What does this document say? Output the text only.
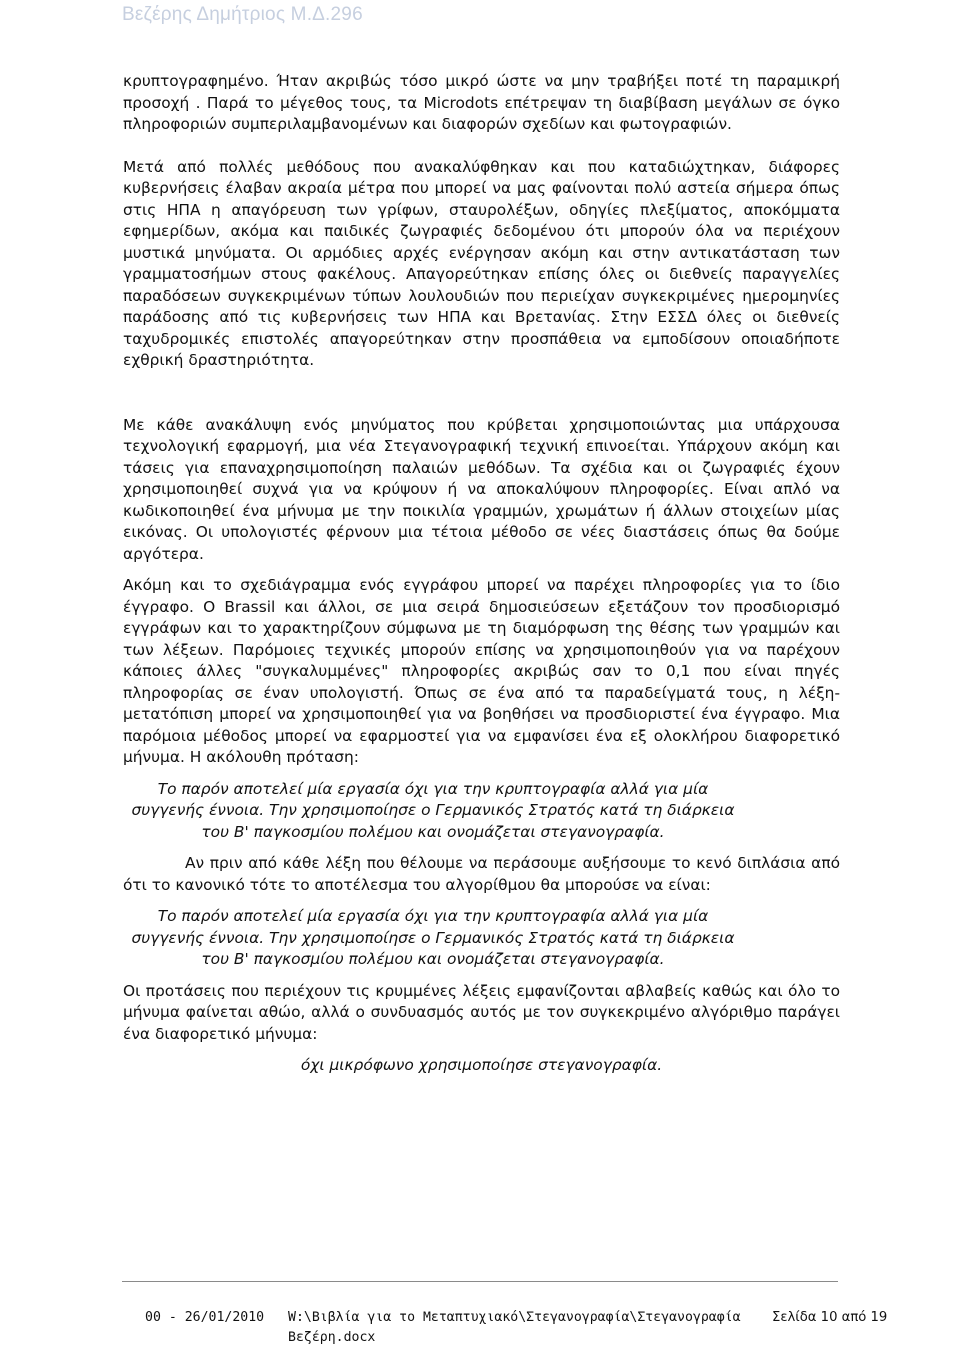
Βεζέρης Δημήτριος Μ.Δ.296

κρυπτογραφημένο. Ήταν ακριβώς τόσο μικρό ώστε να μην τραβήξει ποτέ τη παραμικρή προσοχή . Παρά το μέγεθος τους, τα Microdots επέτρεψαν τη διαβίβαση μεγάλων σε όγκο πληροφοριών συμπεριλαμβανομένων και διαφορών σχεδίων και φωτογραφιών.

Μετά από πολλές μεθόδους που ανακαλύφθηκαν και που καταδιώχτηκαν, διάφορες κυβερνήσεις έλαβαν ακραία μέτρα που μπορεί να μας φαίνονται πολύ αστεία σήμερα όπως στις ΗΠΑ η απαγόρευση των γρίφων, σταυρολέξων, οδηγίες πλεξίματος, αποκόμματα εφημερίδων, ακόμα και παιδικές ζωγραφιές δεδομένου ότι μπορούν όλα να περιέχουν μυστικά μηνύματα. Οι αρμόδιες αρχές ενέργησαν ακόμη και στην αντικατάσταση των γραμματοσήμων στους φακέλους. Απαγορεύτηκαν επίσης όλες οι διεθνείς παραγγελίες παραδόσεων συγκεκριμένων τύπων λουλουδιών που περιείχαν συγκεκριμένες ημερομηνίες παράδοσης από τις κυβερνήσεις των ΗΠΑ και Βρετανίας. Στην ΕΣΣΔ όλες οι διεθνείς ταχυδρομικές επιστολές απαγορεύτηκαν στην προσπάθεια να εμποδίσουν οποιαδήποτε εχθρική δραστηριότητα.

Με κάθε ανακάλυψη ενός μηνύματος που κρύβεται χρησιμοποιώντας μια υπάρχουσα τεχνολογική εφαρμογή, μια νέα Στεγανογραφική τεχνική επινοείται. Υπάρχουν ακόμη και τάσεις για επαναχρησιμοποίηση παλαιών μεθόδων. Τα σχέδια και οι ζωγραφιές έχουν χρησιμοποιηθεί συχνά για να κρύψουν ή να αποκαλύψουν πληροφορίες. Είναι απλό να κωδικοποιηθεί ένα μήνυμα με την ποικιλία γραμμών, χρωμάτων ή άλλων στοιχείων μίας εικόνας. Οι υπολογιστές φέρνουν μια τέτοια μέθοδο σε νέες διαστάσεις όπως θα δούμε αργότερα.

Ακόμη και το σχεδιάγραμμα ενός εγγράφου μπορεί να παρέχει πληροφορίες για το ίδιο έγγραφο. Ο Brassil και άλλοι, σε μια σειρά δημοσιεύσεων εξετάζουν τον προσδιορισμό εγγράφων και το χαρακτηρίζουν σύμφωνα με τη διαμόρφωση της θέσης των γραμμών και των λέξεων. Παρόμοιες τεχνικές μπορούν επίσης να χρησιμοποιηθούν για να παρέχουν κάποιες άλλες "συγκαλυμμένες" πληροφορίες ακριβώς σαν το 0,1 που είναι πηγές πληροφορίας σε έναν υπολογιστή. Όπως σε ένα από τα παραδείγματά τους, η λέξη-μετατόπιση μπορεί να χρησιμοποιηθεί για να βοηθήσει να προσδιοριστεί ένα έγγραφο. Μια παρόμοια μέθοδος μπορεί να εφαρμοστεί για να εμφανίσει ένα εξ ολοκλήρου διαφορετικό μήνυμα. Η ακόλουθη πρόταση:

Το παρόν αποτελεί μία εργασία όχι για την κρυπτογραφία αλλά για μία συγγενής έννοια. Την χρησιμοποίησε ο Γερμανικός Στρατός κατά τη διάρκεια του Β' παγκοσμίου πολέμου και ονομάζεται στεγανογραφία.

Αν πριν από κάθε λέξη που θέλουμε να περάσουμε αυξήσουμε το κενό διπλάσια από ότι το κανονικό τότε το αποτέλεσμα του αλγορίθμου θα μπορούσε να είναι:

Το παρόν αποτελεί μία εργασία όχι για την κρυπτογραφία αλλά για μία συγγενής έννοια. Την χρησιμοποίησε ο Γερμανικός Στρατός κατά τη διάρκεια του Β' παγκοσμίου πολέμου και ονομάζεται στεγανογραφία.

Οι προτάσεις που περιέχουν τις κρυμμένες λέξεις εμφανίζονται αβλαβείς καθώς και όλο το μήνυμα φαίνεται αθώο, αλλά ο συνδυασμός αυτός με τον συγκεκριμένο αλγόριθμο παράγει ένα διαφορετικό μήνυμα:

όχι μικρόφωνο χρησιμοποίησε στεγανογραφία.

00 - 26/01/2010 W:\Βιβλία για το Μεταπτυχιακό\Στεγανογραφία\Στεγανογραφία Βεζέρη.docx
Σελίδα 10 από 19
